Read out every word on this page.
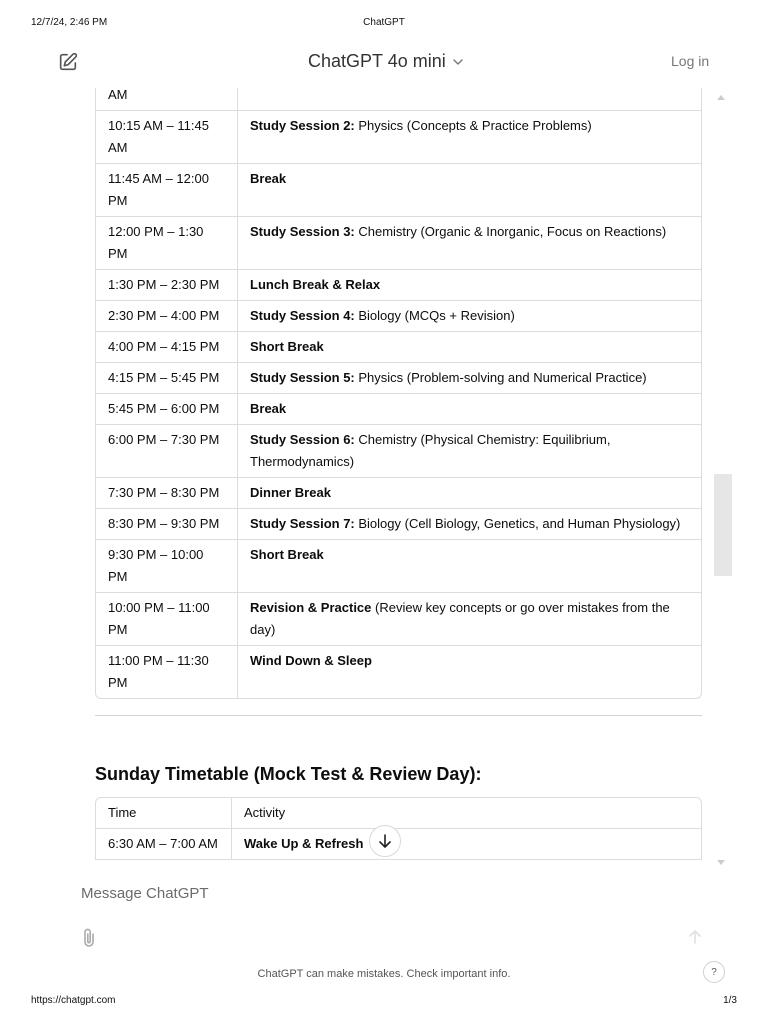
12/7/24, 2:46 PM	ChatGPT
ChatGPT 4o mini	Log in
AM	
10:15 AM – 11:45 AM	Study Session 2: Physics (Concepts & Practice Problems)
11:45 AM – 12:00 PM	Break
12:00 PM – 1:30 PM	Study Session 3: Chemistry (Organic & Inorganic, Focus on Reactions)
1:30 PM – 2:30 PM	Lunch Break & Relax
2:30 PM – 4:00 PM	Study Session 4: Biology (MCQs + Revision)
4:00 PM – 4:15 PM	Short Break
4:15 PM – 5:45 PM	Study Session 5: Physics (Problem-solving and Numerical Practice)
5:45 PM – 6:00 PM	Break
6:00 PM – 7:30 PM	Study Session 6: Chemistry (Physical Chemistry: Equilibrium, Thermodynamics)
7:30 PM – 8:30 PM	Dinner Break
8:30 PM – 9:30 PM	Study Session 7: Biology (Cell Biology, Genetics, and Human Physiology)
9:30 PM – 10:00 PM	Short Break
10:00 PM – 11:00 PM	Revision & Practice (Review key concepts or go over mistakes from the day)
11:00 PM – 11:30 PM	Wind Down & Sleep
Sunday Timetable (Mock Test & Review Day):
Time	Activity
6:30 AM – 7:00 AM	Wake Up & Refresh
Message ChatGPT
ChatGPT can make mistakes. Check important info.	?
https://chatgpt.com	1/3
